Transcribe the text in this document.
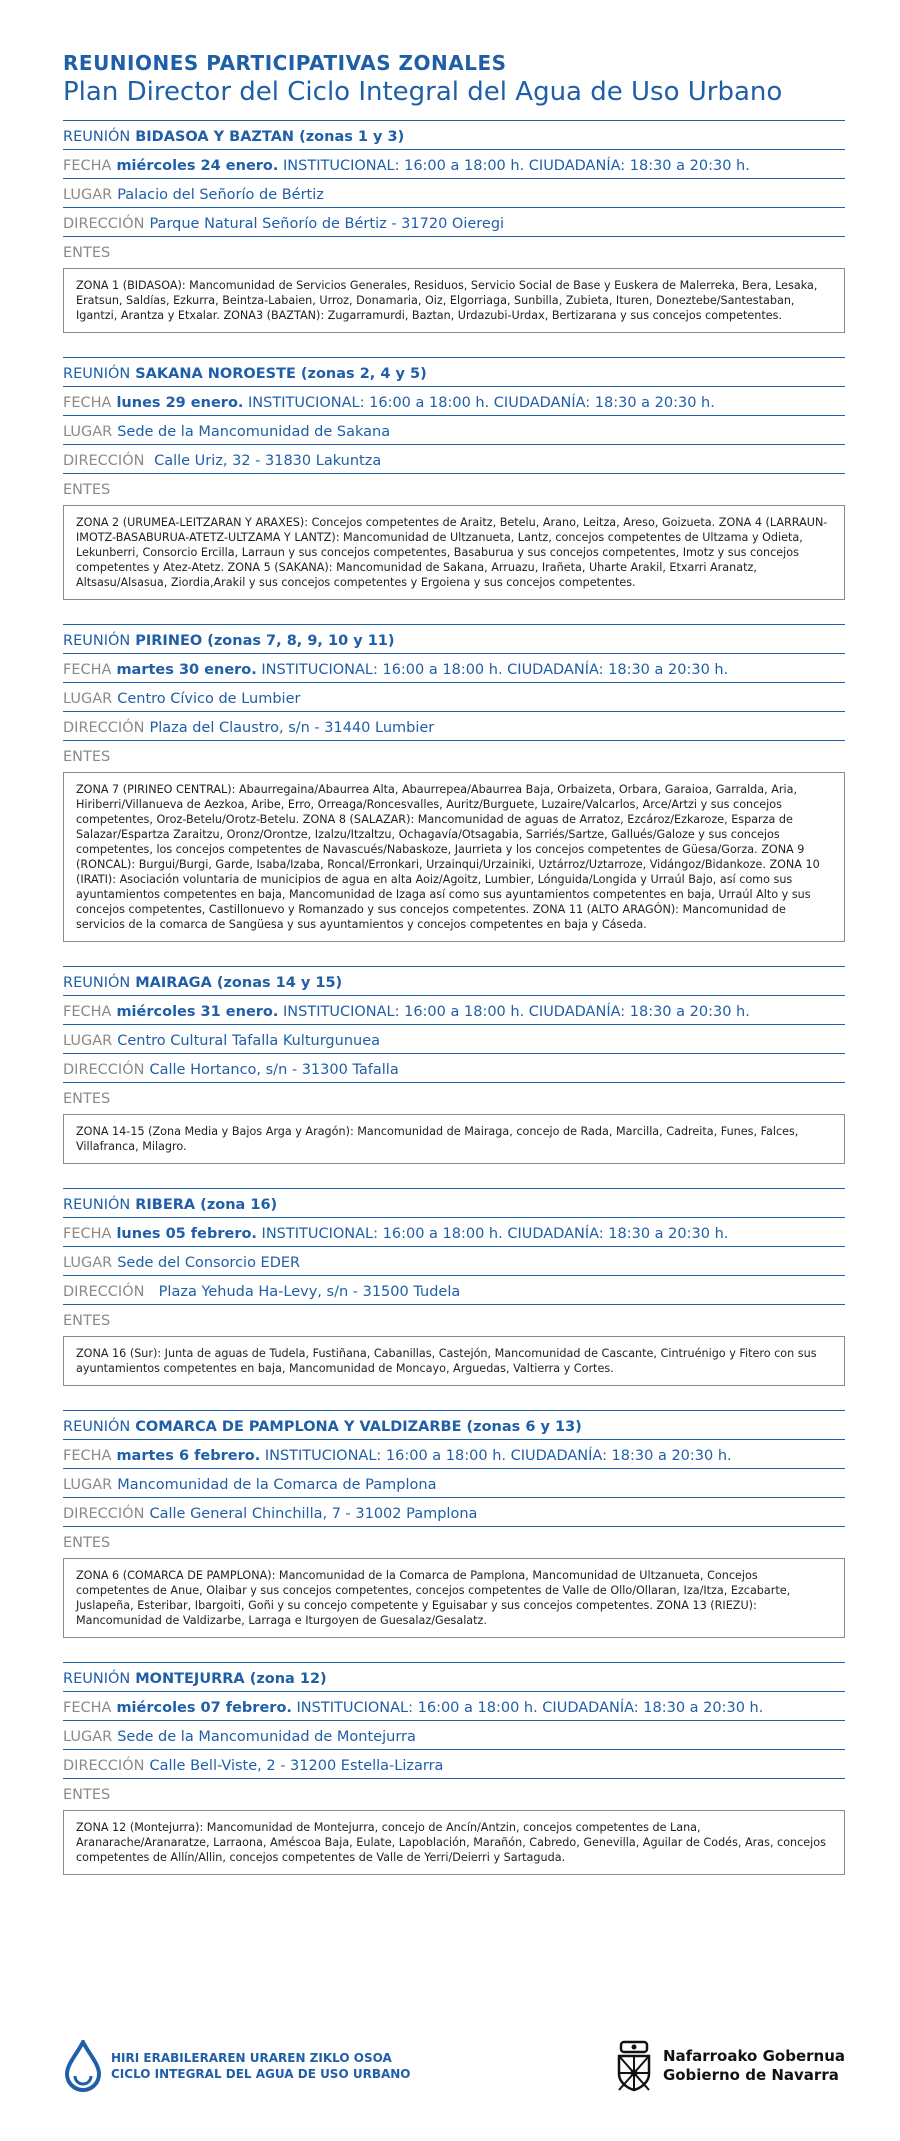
REUNIONES PARTICIPATIVAS ZONALES
Plan Director del Ciclo Integral del Agua de Uso Urbano
REUNIÓN BIDASOA Y BAZTAN (zonas 1 y 3)
FECHA miércoles 24 enero.
INSTITUCIONAL: 16:00 a 18:00 h. CIUDADANÍA: 18:30 a 20:30 h.
LUGAR Palacio del Señorío de Bértiz
DIRECCIÓN Parque Natural Señorío de Bértiz - 31720 Oieregi
ENTES
ZONA 1 (BIDASOA): Mancomunidad de Servicios Generales, Residuos, Servicio Social de Base y Euskera de Malerreka, Bera, Lesaka, Eratsun, Saldías, Ezkurra, Beintza-Labaien, Urroz, Donamaria, Oiz, Elgorriaga, Sunbilla, Zubieta, Ituren, Doneztebe/Santestaban, Igantzi, Arantza y Etxalar. ZONA3 (BAZTAN): Zugarramurdi, Baztan, Urdazubi-Urdax, Bertizarana y sus concejos competentes.
REUNIÓN SAKANA NOROESTE (zonas 2, 4 y 5)
FECHA lunes 29 enero.
INSTITUCIONAL: 16:00 a 18:00 h. CIUDADANÍA: 18:30 a 20:30 h.
LUGAR Sede de la Mancomunidad de Sakana
DIRECCIÓN Calle Uriz, 32 - 31830 Lakuntza
ENTES
ZONA 2 (URUMEA-LEITZARAN Y ARAXES): Concejos competentes de Araitz, Betelu, Arano, Leitza, Areso, Goizueta. ZONA 4 (LARRAUN-IMOTZ-BASABURUA-ATETZ-ULTZAMA Y LANTZ): Mancomunidad de Ultzanueta, Lantz, concejos competentes de Ultzama y Odieta, Lekunberri, Consorcio Ercilla, Larraun y sus concejos competentes, Basaburua y sus concejos competentes, Imotz y sus concejos competentes y Atez-Atetz. ZONA 5 (SAKANA): Mancomunidad de Sakana, Arruazu, Irañeta, Uharte Arakil, Etxarri Aranatz, Altsasu/Alsasua, Ziordia,Arakil y sus concejos competentes y Ergoiena y sus concejos competentes.
REUNIÓN PIRINEO (zonas 7, 8, 9, 10 y 11)
FECHA martes 30 enero.
INSTITUCIONAL: 16:00 a 18:00 h. CIUDADANÍA: 18:30 a 20:30 h.
LUGAR Centro Cívico de Lumbier
DIRECCIÓN Plaza del Claustro, s/n - 31440 Lumbier
ENTES
ZONA 7 (PIRINEO CENTRAL): Abaurregaina/Abaurrea Alta, Abaurrepea/Abaurrea Baja, Orbaizeta, Orbara, Garaioa, Garralda, Aria, Hiriberri/Villanueva de Aezkoa, Aribe, Erro, Orreaga/Roncesvalles, Auritz/Burguete, Luzaire/Valcarlos, Arce/Artzi y sus concejos competentes, Oroz-Betelu/Orotz-Betelu. ZONA 8 (SALAZAR): Mancomunidad de aguas de Arratoz, Ezcároz/Ezkaroze, Esparza de Salazar/Espartza Zaraitzu, Oronz/Orontze, Izalzu/Itzaltzu, Ochagavía/Otsagabia, Sarriés/Sartze, Gallués/Galoze y sus concejos competentes, los concejos competentes de Navascués/Nabaskoze, Jaurrieta y los concejos competentes de Güesa/Gorza. ZONA 9 (RONCAL): Burgui/Burgi, Garde, Isaba/Izaba, Roncal/Erronkari, Urzainqui/Urzainiki, Uztárroz/Uztarroze, Vidángoz/Bidankoze. ZONA 10 (IRATI): Asociación voluntaria de municipios de agua en alta Aoiz/Agoitz, Lumbier, Lónguida/Longida y Urraúl Bajo, así como sus ayuntamientos competentes en baja, Mancomunidad de Izaga así como sus ayuntamientos competentes en baja, Urraúl Alto y sus concejos competentes, Castillonuevo y Romanzado y sus concejos competentes. ZONA 11 (ALTO ARAGÓN): Mancomunidad de servicios de la comarca de Sangüesa y sus ayuntamientos y concejos competentes en baja y Cáseda.
REUNIÓN MAIRAGA (zonas 14 y 15)
FECHA miércoles 31 enero.
INSTITUCIONAL: 16:00 a 18:00 h. CIUDADANÍA: 18:30 a 20:30 h.
LUGAR Centro Cultural Tafalla Kulturgunuea
DIRECCIÓN Calle Hortanco, s/n - 31300 Tafalla
ENTES
ZONA 14-15 (Zona Media y Bajos Arga y Aragón): Mancomunidad de Mairaga, concejo de Rada, Marcilla, Cadreita, Funes, Falces, Villafranca, Milagro.
REUNIÓN RIBERA (zona 16)
FECHA lunes 05 febrero.
INSTITUCIONAL: 16:00 a 18:00 h. CIUDADANÍA: 18:30 a 20:30 h.
LUGAR Sede del Consorcio EDER
DIRECCIÓN Plaza Yehuda Ha-Levy, s/n - 31500 Tudela
ENTES
ZONA 16 (Sur): Junta de aguas de Tudela, Fustiñana, Cabanillas, Castejón, Mancomunidad de Cascante, Cintruénigo y Fitero con sus ayuntamientos competentes en baja, Mancomunidad de Moncayo, Arguedas, Valtierra y Cortes.
REUNIÓN COMARCA DE PAMPLONA Y VALDIZARBE (zonas 6 y 13)
FECHA martes 6 febrero.
INSTITUCIONAL: 16:00 a 18:00 h. CIUDADANÍA: 18:30 a 20:30 h.
LUGAR Mancomunidad de la Comarca de Pamplona
DIRECCIÓN Calle General Chinchilla, 7 - 31002 Pamplona
ENTES
ZONA 6 (COMARCA DE PAMPLONA): Mancomunidad de la Comarca de Pamplona, Mancomunidad de Ultzanueta, Concejos competentes de Anue, Olaibar y sus concejos competentes, concejos competentes de Valle de Ollo/Ollaran, Iza/Itza, Ezcabarte, Juslapeña, Esteribar, Ibargoiti, Goñi y su concejo competente y Eguisabar y sus concejos competentes. ZONA 13 (RIEZU): Mancomunidad de Valdizarbe, Larraga e Iturgoyen de Guesalaz/Gesalatz.
REUNIÓN MONTEJURRA (zona 12)
FECHA miércoles 07 febrero.
INSTITUCIONAL: 16:00 a 18:00 h. CIUDADANÍA: 18:30 a 20:30 h.
LUGAR Sede de la Mancomunidad de Montejurra
DIRECCIÓN Calle Bell-Viste, 2 - 31200 Estella-Lizarra
ENTES
ZONA 12 (Montejurra): Mancomunidad de Montejurra, concejo de Ancín/Antzin, concejos competentes de Lana, Aranarache/Aranaratze, Larraona, Améscoa Baja, Eulate, Lapoblación, Marañón, Cabredo, Genevilla, Aguilar de Codés, Aras, concejos competentes de Allín/Allin, concejos competentes de Valle de Yerri/Deierri y Sartaguda.
HIRI ERABILERAREN URAREN ZIKLO OSOA
CICLO INTEGRAL DEL AGUA DE USO URBANO
Nafarroako Gobernua
Gobierno de Navarra
